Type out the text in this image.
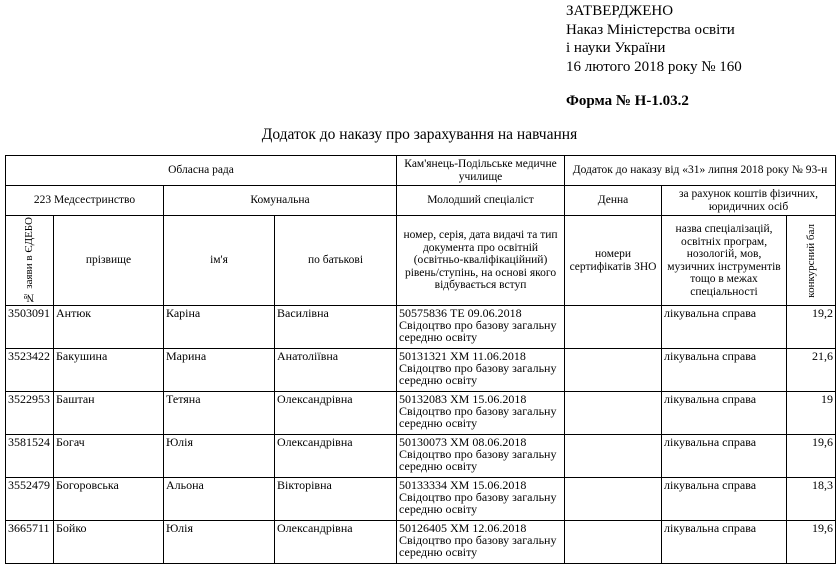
ЗАТВЕРДЖЕНО
Наказ Міністерства освіти
і науки України
16 лютого 2018 року № 160
Форма № Н-1.03.2
Додаток до наказу про зарахування на навчання
Обласна рада				Кам'янець-Подільське медичне училище	Додаток до наказу від «31» липня 2018 року № 93-н		
223 Медсестринство		Комунальна		Молодший спеціаліст	Денна	за рахунок коштів фізичних, юридичних осіб	

№ заяви в ЄДЕБО	прізвище	ім'я	по батькові	номер, серія, дата видачі та тип документа про освітній (освітньо-кваліфікаційний) рівень/ступінь, на основі якого відбувається вступ	номери сертифікатів ЗНО	назва спеціалізацій, освітніх програм, нозологій, мов, музичних інструментів тощо в межах спеціальності	конкурсний бал

3503091	Антюк	Каріна	Василівна	50575836 ТЕ 09.06.2018
Свідоцтво про базову загальну середню освіту		лікувальна справа	19,2
3523422	Бакушина	Марина	Анатоліївна	50131321 ХМ 11.06.2018
Свідоцтво про базову загальну середню освіту		лікувальна справа	21,6
3522953	Баштан	Тетяна	Олександрівна	50132083 ХМ 15.06.2018
Свідоцтво про базову загальну середню освіту		лікувальна справа	19
3581524	Богач	Юлія	Олександрівна	50130073 ХМ 08.06.2018
Свідоцтво про базову загальну середню освіту		лікувальна справа	19,6
3552479	Богоровська	Альона	Вікторівна	50133334 ХМ 15.06.2018
Свідоцтво про базову загальну середню освіту		лікувальна справа	18,3
3665711	Бойко	Юлія	Олександрівна	50126405 ХМ 12.06.2018
Свідоцтво про базову загальну середню освіту		лікувальна справа	19,6
